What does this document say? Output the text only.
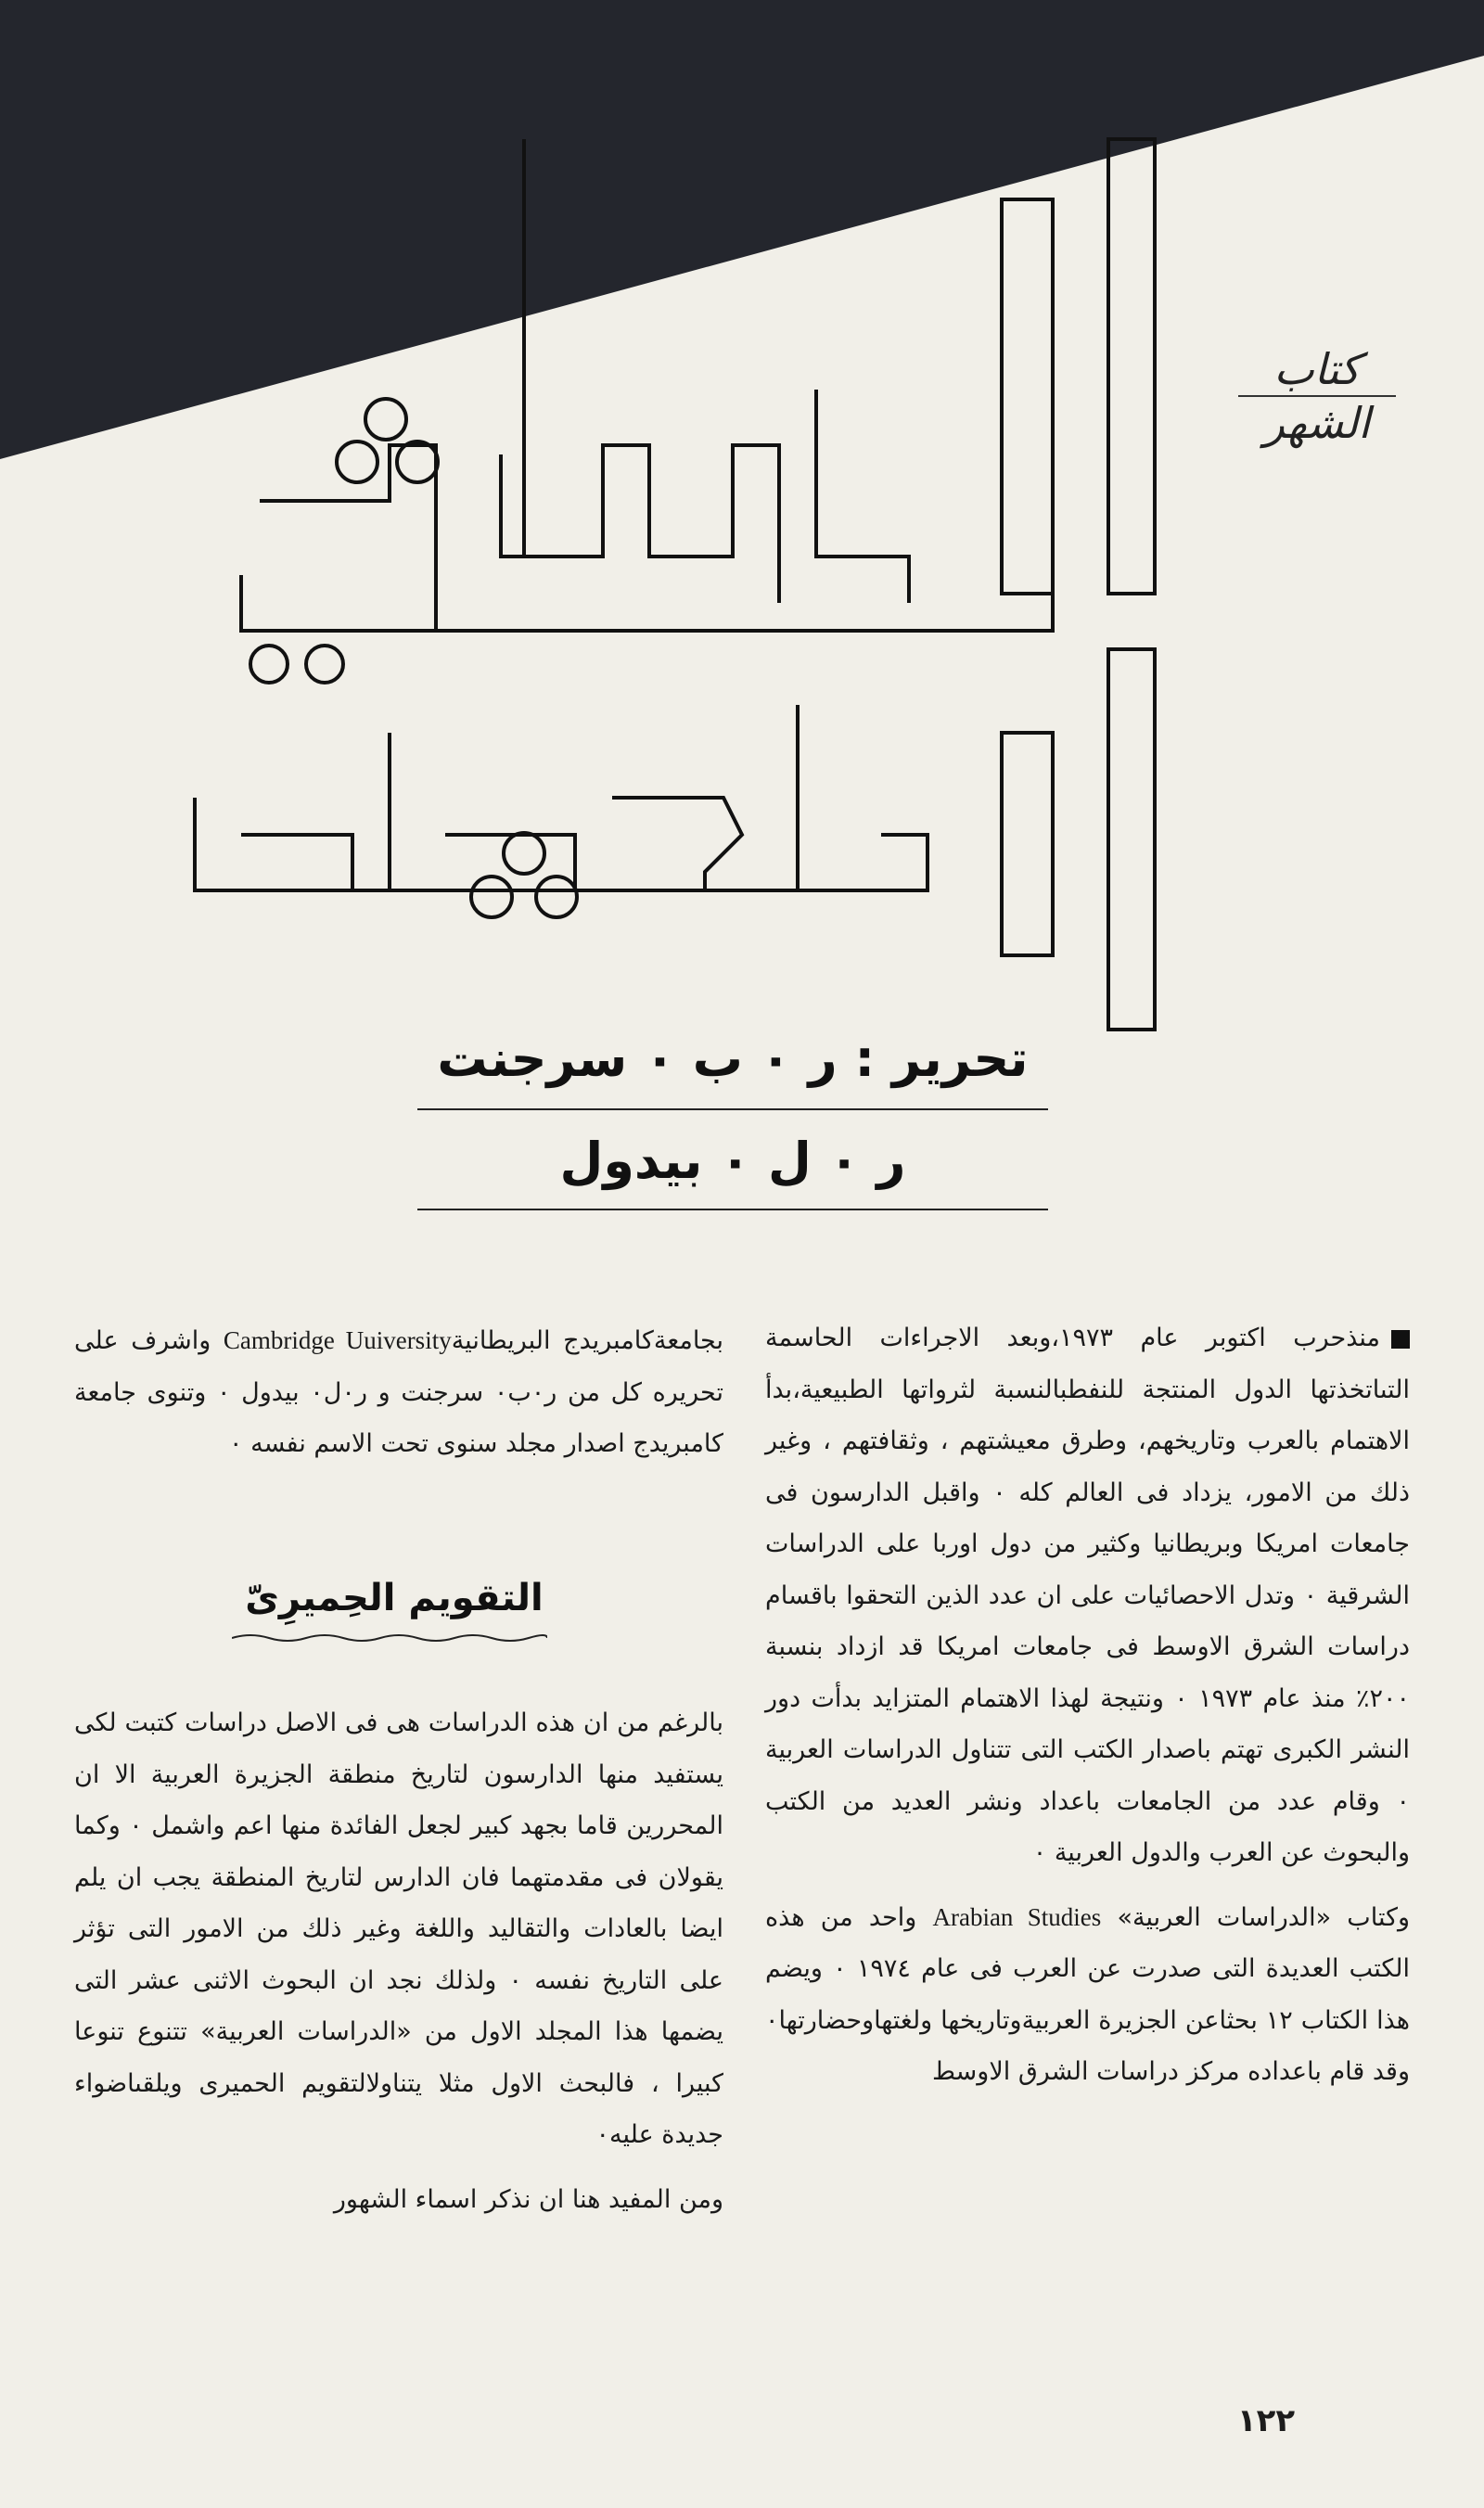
كتاب
الشهر
تحرير : ر ٠ ب ٠ سرجنت
ر ٠ ل ٠ بيدول

منذحرب اكتوبر عام ١٩٧٣،وبعد الاجراءات الحاسمة التىاتخذتها الدول المنتجة للنفطبالنسبة لثرواتها الطبيعية،بدأ الاهتمام بالعرب وتاريخهم، وطرق معيشتهم ، وثقافتهم ، وغير ذلك من الامور، يزداد فى العالم كله ٠ واقبل الدارسون فى جامعات امريكا وبريطانيا وكثير من دول اوربا على الدراسات الشرقية ٠ وتدل الاحصائيات على ان عدد الذين التحقوا باقسام دراسات الشرق الاوسط فى جامعات امريكا قد ازداد بنسبة ٢٠٠٪ منذ عام ١٩٧٣ ٠ ونتيجة لهذا الاهتمام المتزايد بدأت دور النشر الكبرى تهتم باصدار الكتب التى تتناول الدراسات العربية ٠ وقام عدد من الجامعات باعداد ونشر العديد من الكتب والبحوث عن العرب والدول العربية ٠

وكتاب «الدراسات العربية» Arabian Studies واحد من هذه الكتب العديدة التى صدرت عن العرب فى عام ١٩٧٤ ٠ ويضم هذا الكتاب ١٢ بحثاعن الجزيرة العربيةوتاريخها ولغتهاوحضارتها٠ وقد قام باعداده مركز دراسات الشرق الاوسط

بجامعةكامبريدج البريطانيةCambridge Uuiversity واشرف على تحريره كل من ر٠ب٠ سرجنت و ر٠ل٠ بيدول ٠ وتنوى جامعة كامبريدج اصدار مجلد سنوى تحت الاسم نفسه ٠

التقويم الحِميرِىّ

بالرغم من ان هذه الدراسات هى فى الاصل دراسات كتبت لكى يستفيد منها الدارسون لتاريخ منطقة الجزيرة العربية الا ان المحررين قاما بجهد كبير لجعل الفائدة منها اعم واشمل ٠ وكما يقولان فى مقدمتهما فان الدارس لتاريخ المنطقة يجب ان يلم ايضا بالعادات والتقاليد واللغة وغير ذلك من الامور التى تؤثر على التاريخ نفسه ٠ ولذلك نجد ان البحوث الاثنى عشر التى يضمها هذا المجلد الاول من «الدراسات العربية» تتنوع تنوعا كبيرا ، فالبحث الاول مثلا يتناولالتقويم الحميرى ويلقىاضواء جديدة عليه٠

ومن المفيد هنا ان نذكر اسماء الشهور

١٢٢
